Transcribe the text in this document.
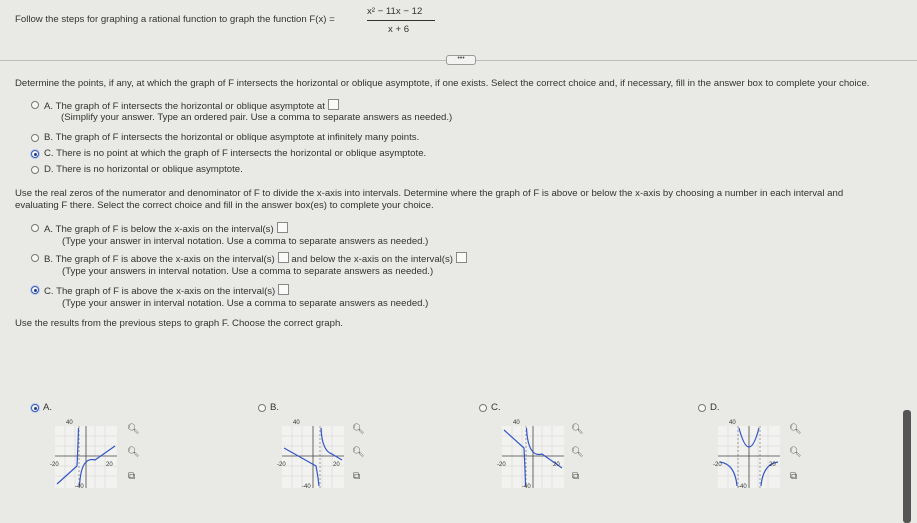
Follow the steps for graphing a rational function to graph the function F(x) =
x² − 11x − 12
x + 6
•••
Determine the points, if any, at which the graph of F intersects the horizontal or oblique asymptote, if one exists. Select the correct choice and, if necessary, fill in the answer box to complete your choice.
A. The graph of F intersects the horizontal or oblique asymptote at
(Simplify your answer. Type an ordered pair. Use a comma to separate answers as needed.)
B. The graph of F intersects the horizontal or oblique asymptote at infinitely many points.
C. There is no point at which the graph of F intersects the horizontal or oblique asymptote.
D. There is no horizontal or oblique asymptote.
Use the real zeros of the numerator and denominator of F to divide the x-axis into intervals. Determine where the graph of F is above or below the x-axis by choosing a number in each interval and
evaluating F there. Select the correct choice and fill in the answer box(es) to complete your choice.
A. The graph of F is below the x-axis on the interval(s)
(Type your answer in interval notation. Use a comma to separate answers as needed.)
B. The graph of F is above the x-axis on the interval(s) and below the x-axis on the interval(s)
(Type your answers in interval notation. Use a comma to separate answers as needed.)
C. The graph of F is above the x-axis on the interval(s)
(Type your answer in interval notation. Use a comma to separate answers as needed.)
Use the results from the previous steps to graph F. Choose the correct graph.
A.
40
-20	20
-40
🔍︎
🔍︎
⧉
B.
40
-20	20
-40
🔍︎
🔍︎
⧉
C.
40
-20	20
-40
🔍︎
🔍︎
⧉
D.
40
-20	20
-40
🔍︎
🔍︎
⧉
